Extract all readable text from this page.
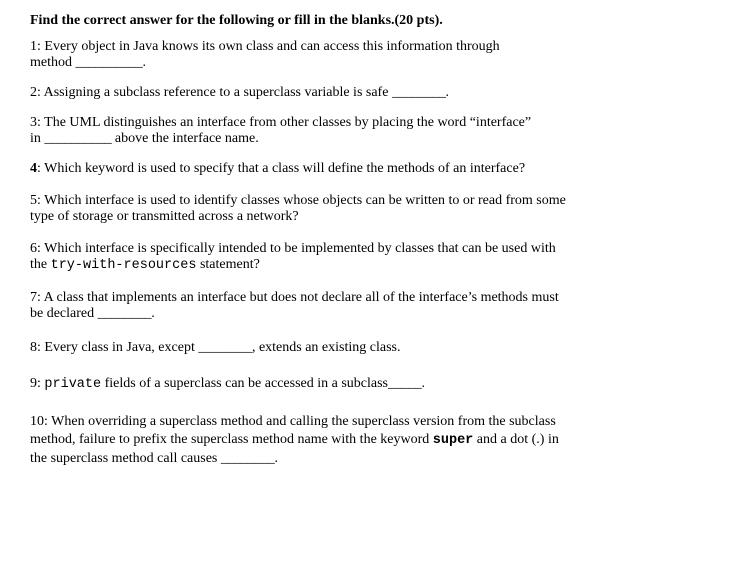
Find the correct answer for the following or fill in the blanks.(20 pts).
1: Every object in Java knows its own class and can access this information through
method __________.
2: Assigning a subclass reference to a superclass variable is safe ________.
3: The UML distinguishes an interface from other classes by placing the word “interface”
in __________ above the interface name.
4: Which keyword is used to specify that a class will define the methods of an interface?
5: Which interface is used to identify classes whose objects can be written to or read from some
type of storage or transmitted across a network?
6: Which interface is specifically intended to be implemented by classes that can be used with
the try-with-resources statement?
7: A class that implements an interface but does not declare all of the interface’s methods must
be declared ________.
8: Every class in Java, except ________, extends an existing class.
9: private fields of a superclass can be accessed in a subclass_____.
10: When overriding a superclass method and calling the superclass version from the subclass
method, failure to prefix the superclass method name with the keyword super and a dot (.) in
the superclass method call causes ________.
